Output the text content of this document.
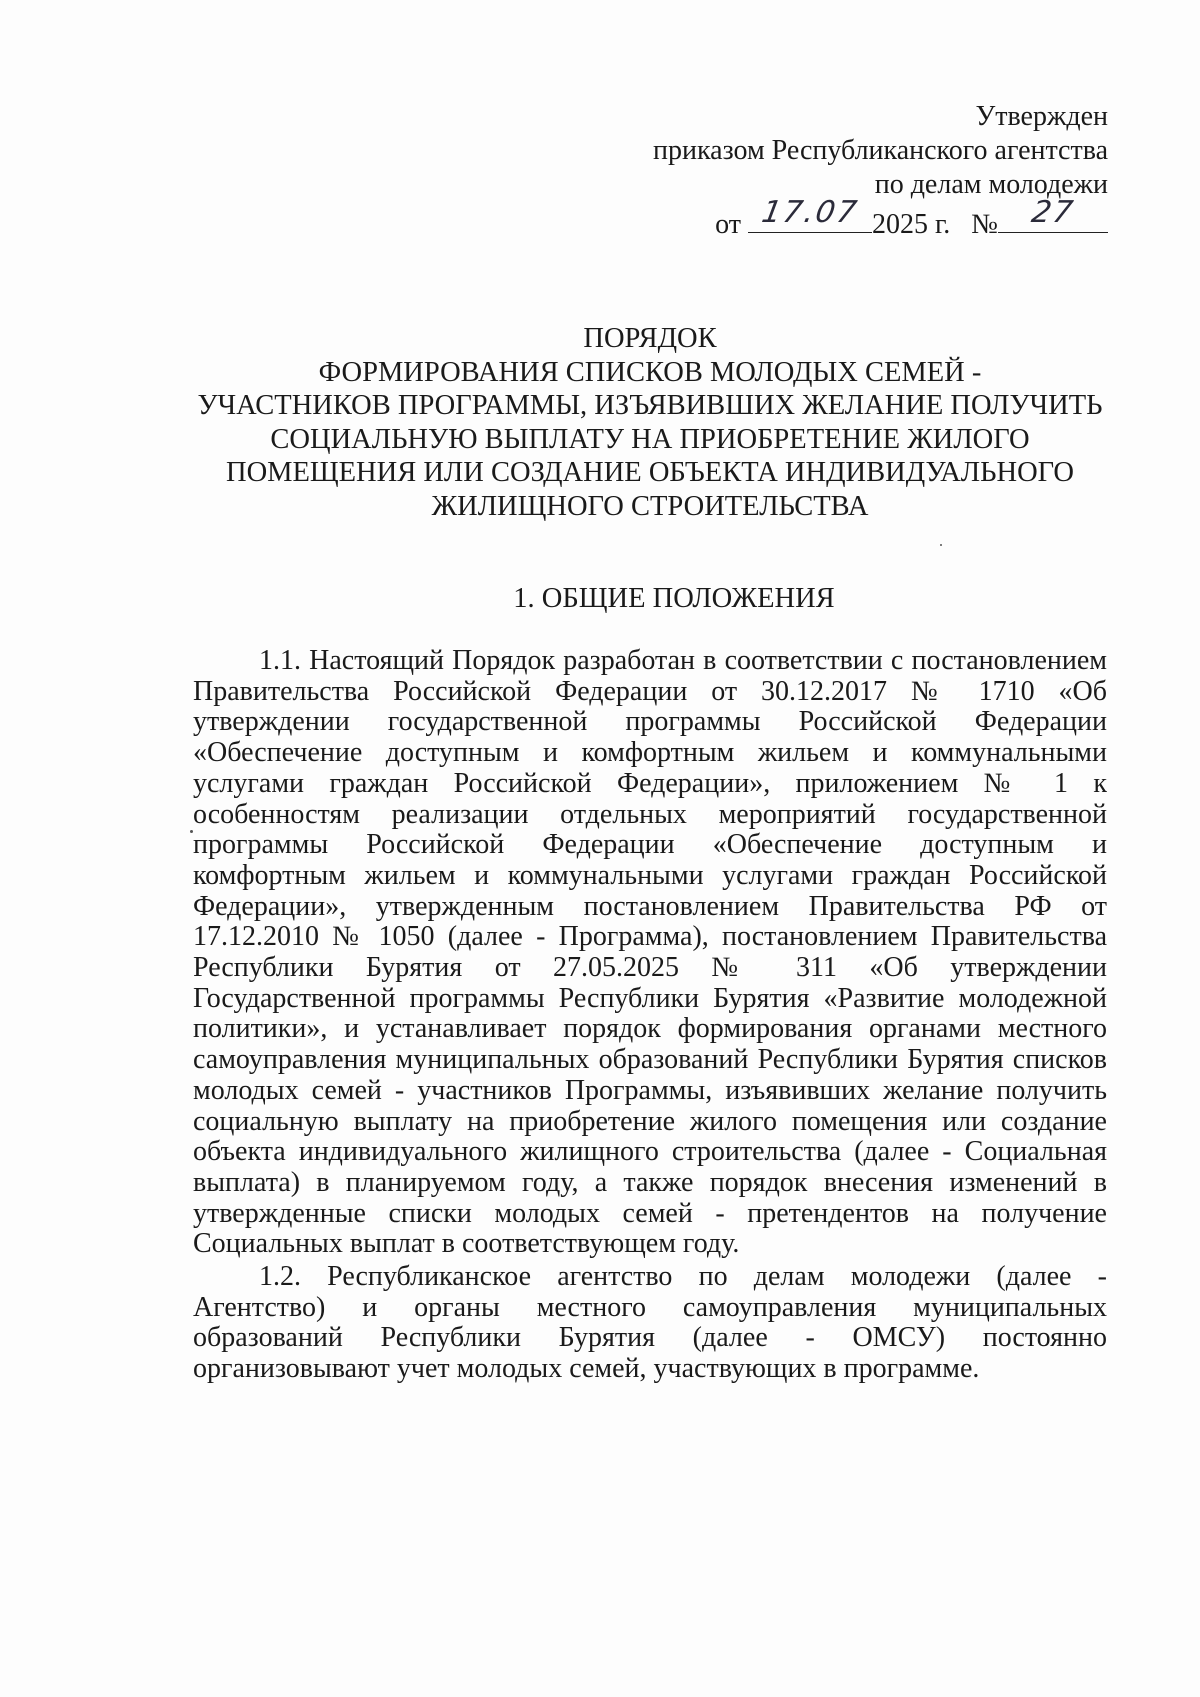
Утвержден
приказом Республиканского агентства
по делам молодежи
от 17.07 2025 г. №	27
ПОРЯДОК
ФОРМИРОВАНИЯ СПИСКОВ МОЛОДЫХ СЕМЕЙ -
УЧАСТНИКОВ ПРОГРАММЫ, ИЗЪЯВИВШИХ ЖЕЛАНИЕ ПОЛУЧИТЬ
СОЦИАЛЬНУЮ ВЫПЛАТУ НА ПРИОБРЕТЕНИЕ ЖИЛОГО
ПОМЕЩЕНИЯ ИЛИ СОЗДАНИЕ ОБЪЕКТА ИНДИВИДУАЛЬНОГО
ЖИЛИЩНОГО СТРОИТЕЛЬСТВА
1. ОБЩИЕ ПОЛОЖЕНИЯ

1.1. Настоящий Порядок разработан в соответствии с постановлением Правительства Российской Федерации от 30.12.2017 № 1710 «Об утверждении государственной программы Российской Федерации «Обеспечение доступным и комфортным жильем и коммунальными услугами граждан Российской Федерации», приложением № 1 к особенностям реализации отдельных мероприятий государственной программы Российской Федерации «Обеспечение доступным и комфортным жильем и коммунальными услугами граждан Российской Федерации», утвержденным постановлением Правительства РФ от 17.12.2010 № 1050 (далее - Программа), постановлением Правительства Республики Бурятия от 27.05.2025 № 311 «Об утверждении Государственной программы Республики Бурятия «Развитие молодежной политики», и устанавливает порядок формирования органами местного самоуправления муниципальных образований Республики Бурятия списков молодых семей - участников Программы, изъявивших желание получить социальную выплату на приобретение жилого помещения или создание объекта индивидуального жилищного строительства (далее - Социальная выплата) в планируемом году, а также порядок внесения изменений в утвержденные списки молодых семей - претендентов на получение Социальных выплат в соответствующем году.

1.2. Республиканское агентство по делам молодежи (далее - Агентство) и органы местного самоуправления муниципальных образований Республики Бурятия (далее - ОМСУ) постоянно организовывают учет молодых семей, участвующих в программе.
